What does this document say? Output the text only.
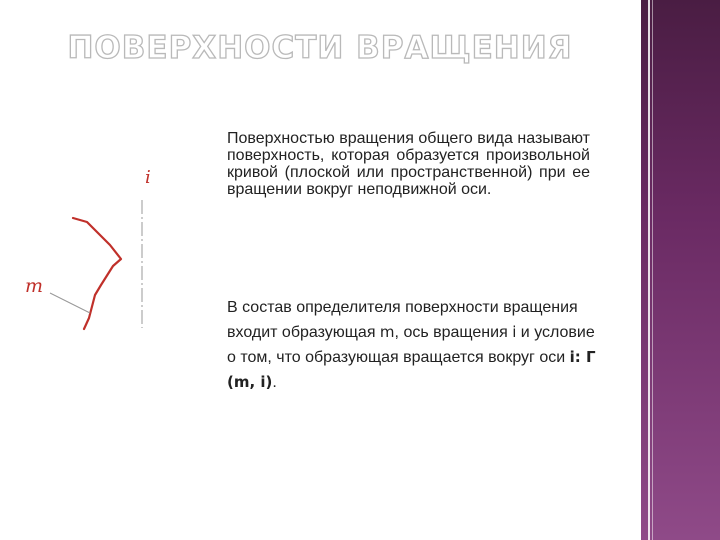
ПОВЕРХНОСТИ ВРАЩЕНИЯ
i
m
Поверхностью вращения общего вида называют поверхность, которая образуется произвольной кривой (плоской или пространственной) при ее вращении вокруг неподвижной оси.
В состав определителя поверхности вращения входит образующая m, ось вращения i и условие о том, что образующая вращается вокруг оси i: Г (m, i).
